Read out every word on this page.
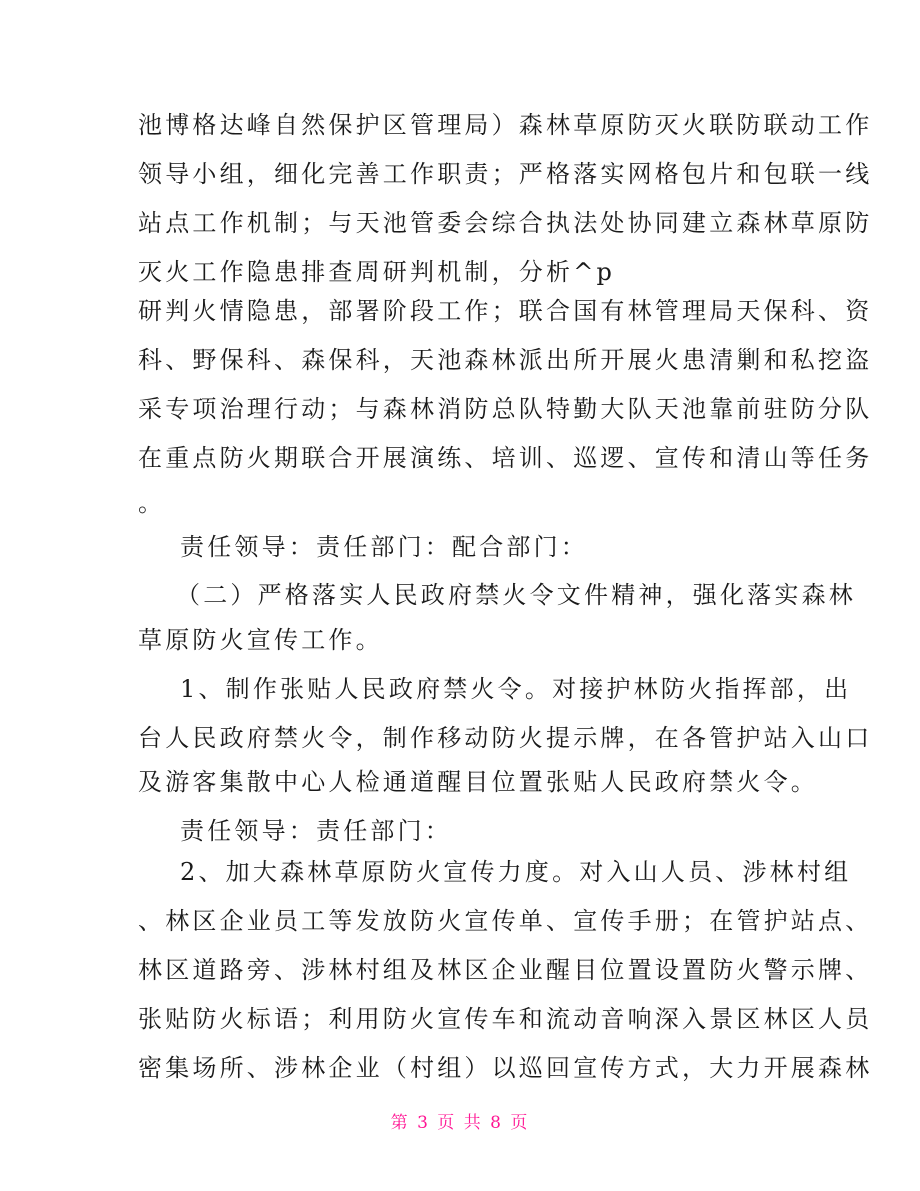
池博格达峰自然保护区管理局）森林草原防灭火联防联动工作
领导小组，细化完善工作职责；严格落实网格包片和包联一线
站点工作机制；与天池管委会综合执法处协同建立森林草原防
灭火工作隐患排查周研判机制，分析^p
研判火情隐患，部署阶段工作；联合国有林管理局天保科、资
科、野保科、森保科，天池森林派出所开展火患清剿和私挖盗
采专项治理行动；与森林消防总队特勤大队天池靠前驻防分队
在重点防火期联合开展演练、培训、巡逻、宣传和清山等任务
。
责任领导：责任部门：配合部门：
（二）严格落实人民政府禁火令文件精神，强化落实森林
草原防火宣传工作。
1、制作张贴人民政府禁火令。对接护林防火指挥部，出
台人民政府禁火令，制作移动防火提示牌，在各管护站入山口
及游客集散中心人检通道醒目位置张贴人民政府禁火令。
责任领导：责任部门：
2、加大森林草原防火宣传力度。对入山人员、涉林村组
、林区企业员工等发放防火宣传单、宣传手册；在管护站点、
林区道路旁、涉林村组及林区企业醒目位置设置防火警示牌、
张贴防火标语；利用防火宣传车和流动音响深入景区林区人员
密集场所、涉林企业（村组）以巡回宣传方式，大力开展森林
第 3 页 共 8 页
